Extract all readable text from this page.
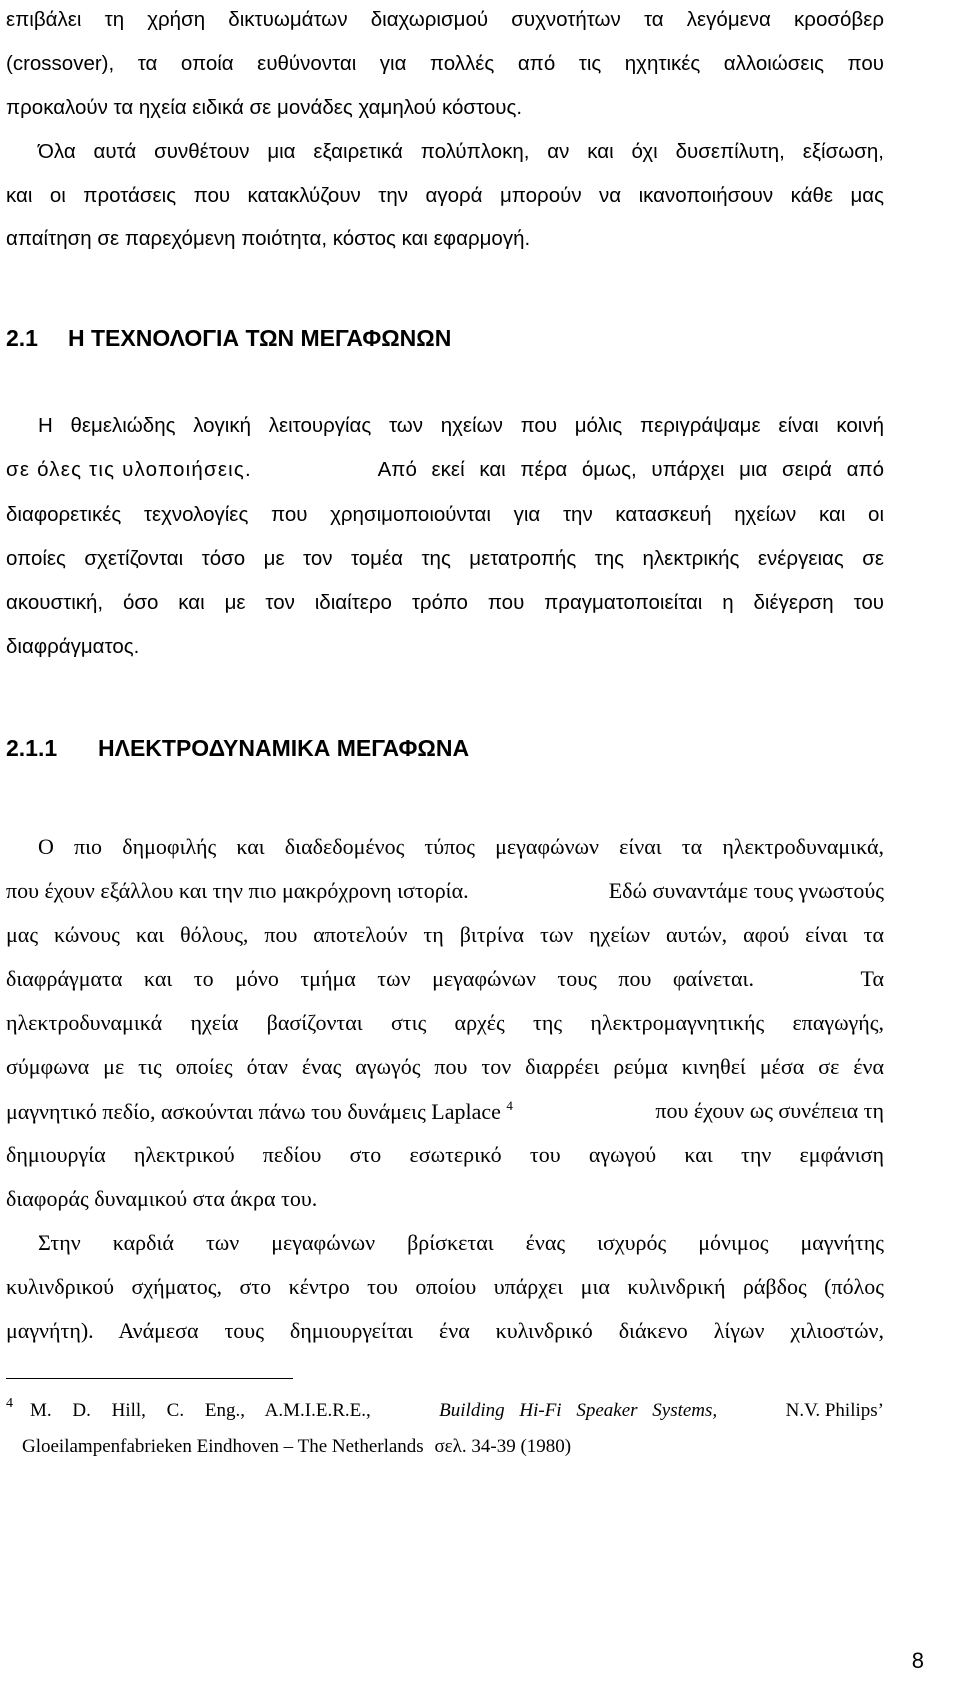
επιβάλει τη χρήση δικτυωμάτων διαχωρισμού συχνοτήτων τα λεγόμενα κροσόβερ
(crossover), τα οποία ευθύνονται για πολλές από τις ηχητικές αλλοιώσεις που
προκαλούν τα ηχεία ειδικά σε μονάδες χαμηλού κόστους.
Όλα αυτά συνθέτουν μια εξαιρετικά πολύπλοκη, αν και όχι δυσεπίλυτη, εξίσωση,
και οι προτάσεις που κατακλύζουν την αγορά μπορούν να ικανοποιήσουν κάθε μας
απαίτηση σε παρεχόμενη ποιότητα, κόστος και εφαρμογή.
2.1 Η ΤΕΧΝΟΛΟΓΙΑ ΤΩΝ ΜΕΓΑΦΩΝΩΝ
Η θεμελιώδης λογική λειτουργίας των ηχείων που μόλις περιγράψαμε είναι κοινή
σε όλες τις υλοποιήσεις.	Από εκεί και πέρα όμως, υπάρχει μια σειρά από
διαφορετικές τεχνολογίες που χρησιμοποιούνται για την κατασκευή ηχείων και οι
οποίες σχετίζονται τόσο με τον τομέα της μετατροπής της ηλεκτρικής ενέργειας σε
ακουστική, όσο και με τον ιδιαίτερο τρόπο που πραγματοποιείται η διέγερση του
διαφράγματος.
2.1.1 ΗΛΕΚΤΡΟΔΥΝΑΜΙΚΑ ΜΕΓΑΦΩΝΑ
Ο πιο δημοφιλής και διαδεδομένος τύπος μεγαφώνων είναι τα ηλεκτροδυναμικά,
που έχουν εξάλλου και την πιο μακρόχρονη ιστορία.	Εδώ συναντάμε τους γνωστούς
μας κώνους και θόλους, που αποτελούν τη βιτρίνα των ηχείων αυτών, αφού είναι τα
διαφράγματα και το μόνο τμήμα των μεγαφώνων τους που φαίνεται.	Τα
ηλεκτροδυναμικά ηχεία βασίζονται στις αρχές της ηλεκτρομαγνητικής επαγωγής,
σύμφωνα με τις οποίες όταν ένας αγωγός που τον διαρρέει ρεύμα κινηθεί μέσα σε ένα
μαγνητικό πεδίο, ασκούνται πάνω του δυνάμεις Laplace $^4$	που έχουν ως συνέπεια τη
δημιουργία ηλεκτρικού πεδίου στο εσωτερικό του αγωγού και την εμφάνιση
διαφοράς δυναμικού στα άκρα του.
Στην καρδιά των μεγαφώνων βρίσκεται ένας ισχυρός μόνιμος μαγνήτης
κυλινδρικού σχήματος, στο κέντρο του οποίου υπάρχει μια κυλινδρική ράβδος (πόλος
μαγνήτη). Ανάμεσα τους δημιουργείται ένα κυλινδρικό διάκενο λίγων χιλιοστών,
4 M. D. Hill, C. Eng., A.M.I.E.R.E.,	Building Hi-Fi Speaker Systems,	N.V. Philips’
Gloeilampenfabrieken Eindhoven – The Netherlands σελ. 34-39 (1980)
8
